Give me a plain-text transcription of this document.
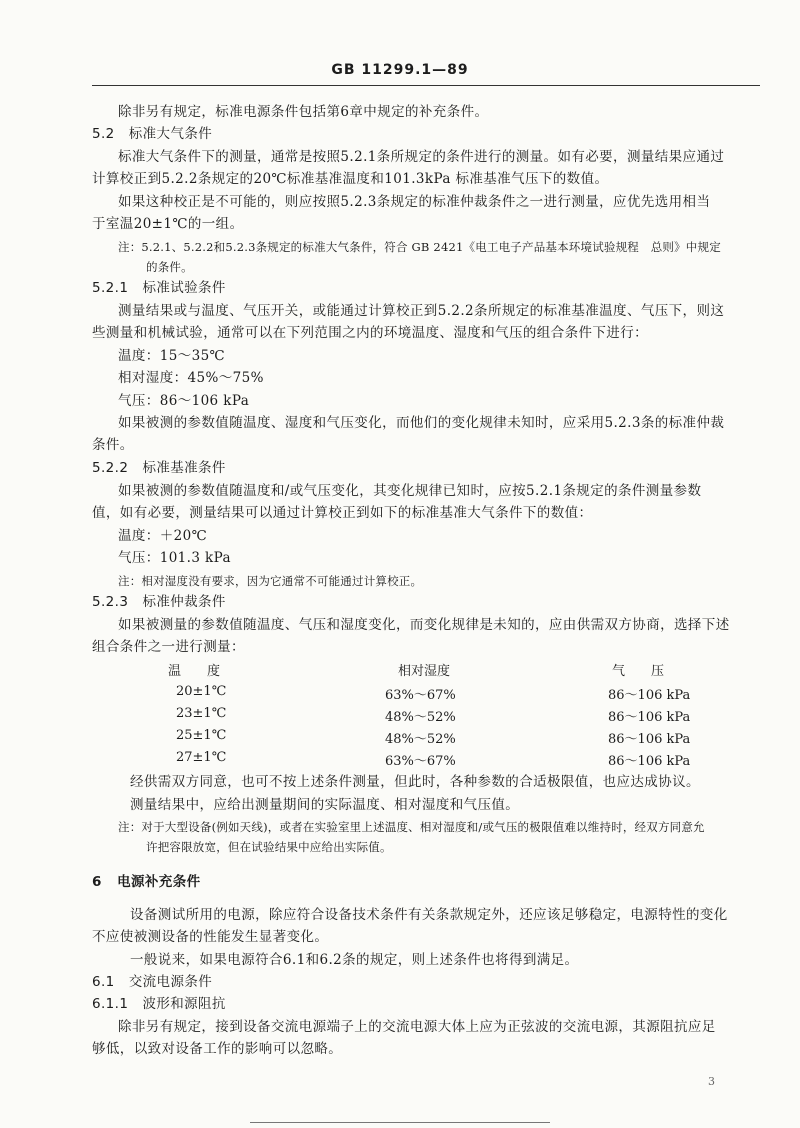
GB 11299.1—89
除非另有规定，标准电源条件包括第6章中规定的补充条件。
5.2 标准大气条件
标准大气条件下的测量，通常是按照5.2.1条所规定的条件进行的测量。如有必要，测量结果应通过
计算校正到5.2.2条规定的20℃标准基准温度和101.3kPa 标准基准气压下的数值。
如果这种校正是不可能的，则应按照5.2.3条规定的标准仲裁条件之一进行测量，应优先选用相当
于室温20±1℃的一组。
注：5.2.1、5.2.2和5.2.3条规定的标准大气条件，符合 GB 2421《电工电子产品基本环境试验规程　总则》中规定
的条件。
5.2.1 标准试验条件
测量结果或与温度、气压开关，或能通过计算校正到5.2.2条所规定的标准基准温度、气压下，则这
些测量和机械试验，通常可以在下列范围之内的环境温度、湿度和气压的组合条件下进行：
温度：15～35℃
相对湿度：45%～75%
气压：86～106 kPa
如果被测的参数值随温度、湿度和气压变化，而他们的变化规律未知时，应采用5.2.3条的标准仲裁
条件。
5.2.2 标准基准条件
如果被测的参数值随温度和/或气压变化，其变化规律已知时，应按5.2.1条规定的条件测量参数
值，如有必要，测量结果可以通过计算校正到如下的标准基准大气条件下的数值：
温度：＋20℃
气压：101.3 kPa
注：相对湿度没有要求，因为它通常不可能通过计算校正。
5.2.3 标准仲裁条件
如果被测量的参数值随温度、气压和湿度变化，而变化规律是未知的，应由供需双方协商，选择下述
组合条件之一进行测量：
温　　度	相对湿度	气　　压
20±1℃	63%～67%	86～106 kPa
23±1℃	48%～52%	86～106 kPa
25±1℃	48%～52%	86～106 kPa
27±1℃	63%～67%	86～106 kPa
经供需双方同意，也可不按上述条件测量，但此时，各种参数的合适极限值，也应达成协议。
测量结果中，应给出测量期间的实际温度、相对湿度和气压值。
注：对于大型设备(例如天线)，或者在实验室里上述温度、相对湿度和/或气压的极限值难以维持时，经双方同意允
许把容限放宽，但在试验结果中应给出实际值。
6 电源补充条件
设备测试所用的电源，除应符合设备技术条件有关条款规定外，还应该足够稳定，电源特性的变化
不应使被测设备的性能发生显著变化。
一般说来，如果电源符合6.1和6.2条的规定，则上述条件也将得到满足。
6.1 交流电源条件
6.1.1 波形和源阻抗
除非另有规定，接到设备交流电源端子上的交流电源大体上应为正弦波的交流电源，其源阻抗应足
够低，以致对设备工作的影响可以忽略。
3
